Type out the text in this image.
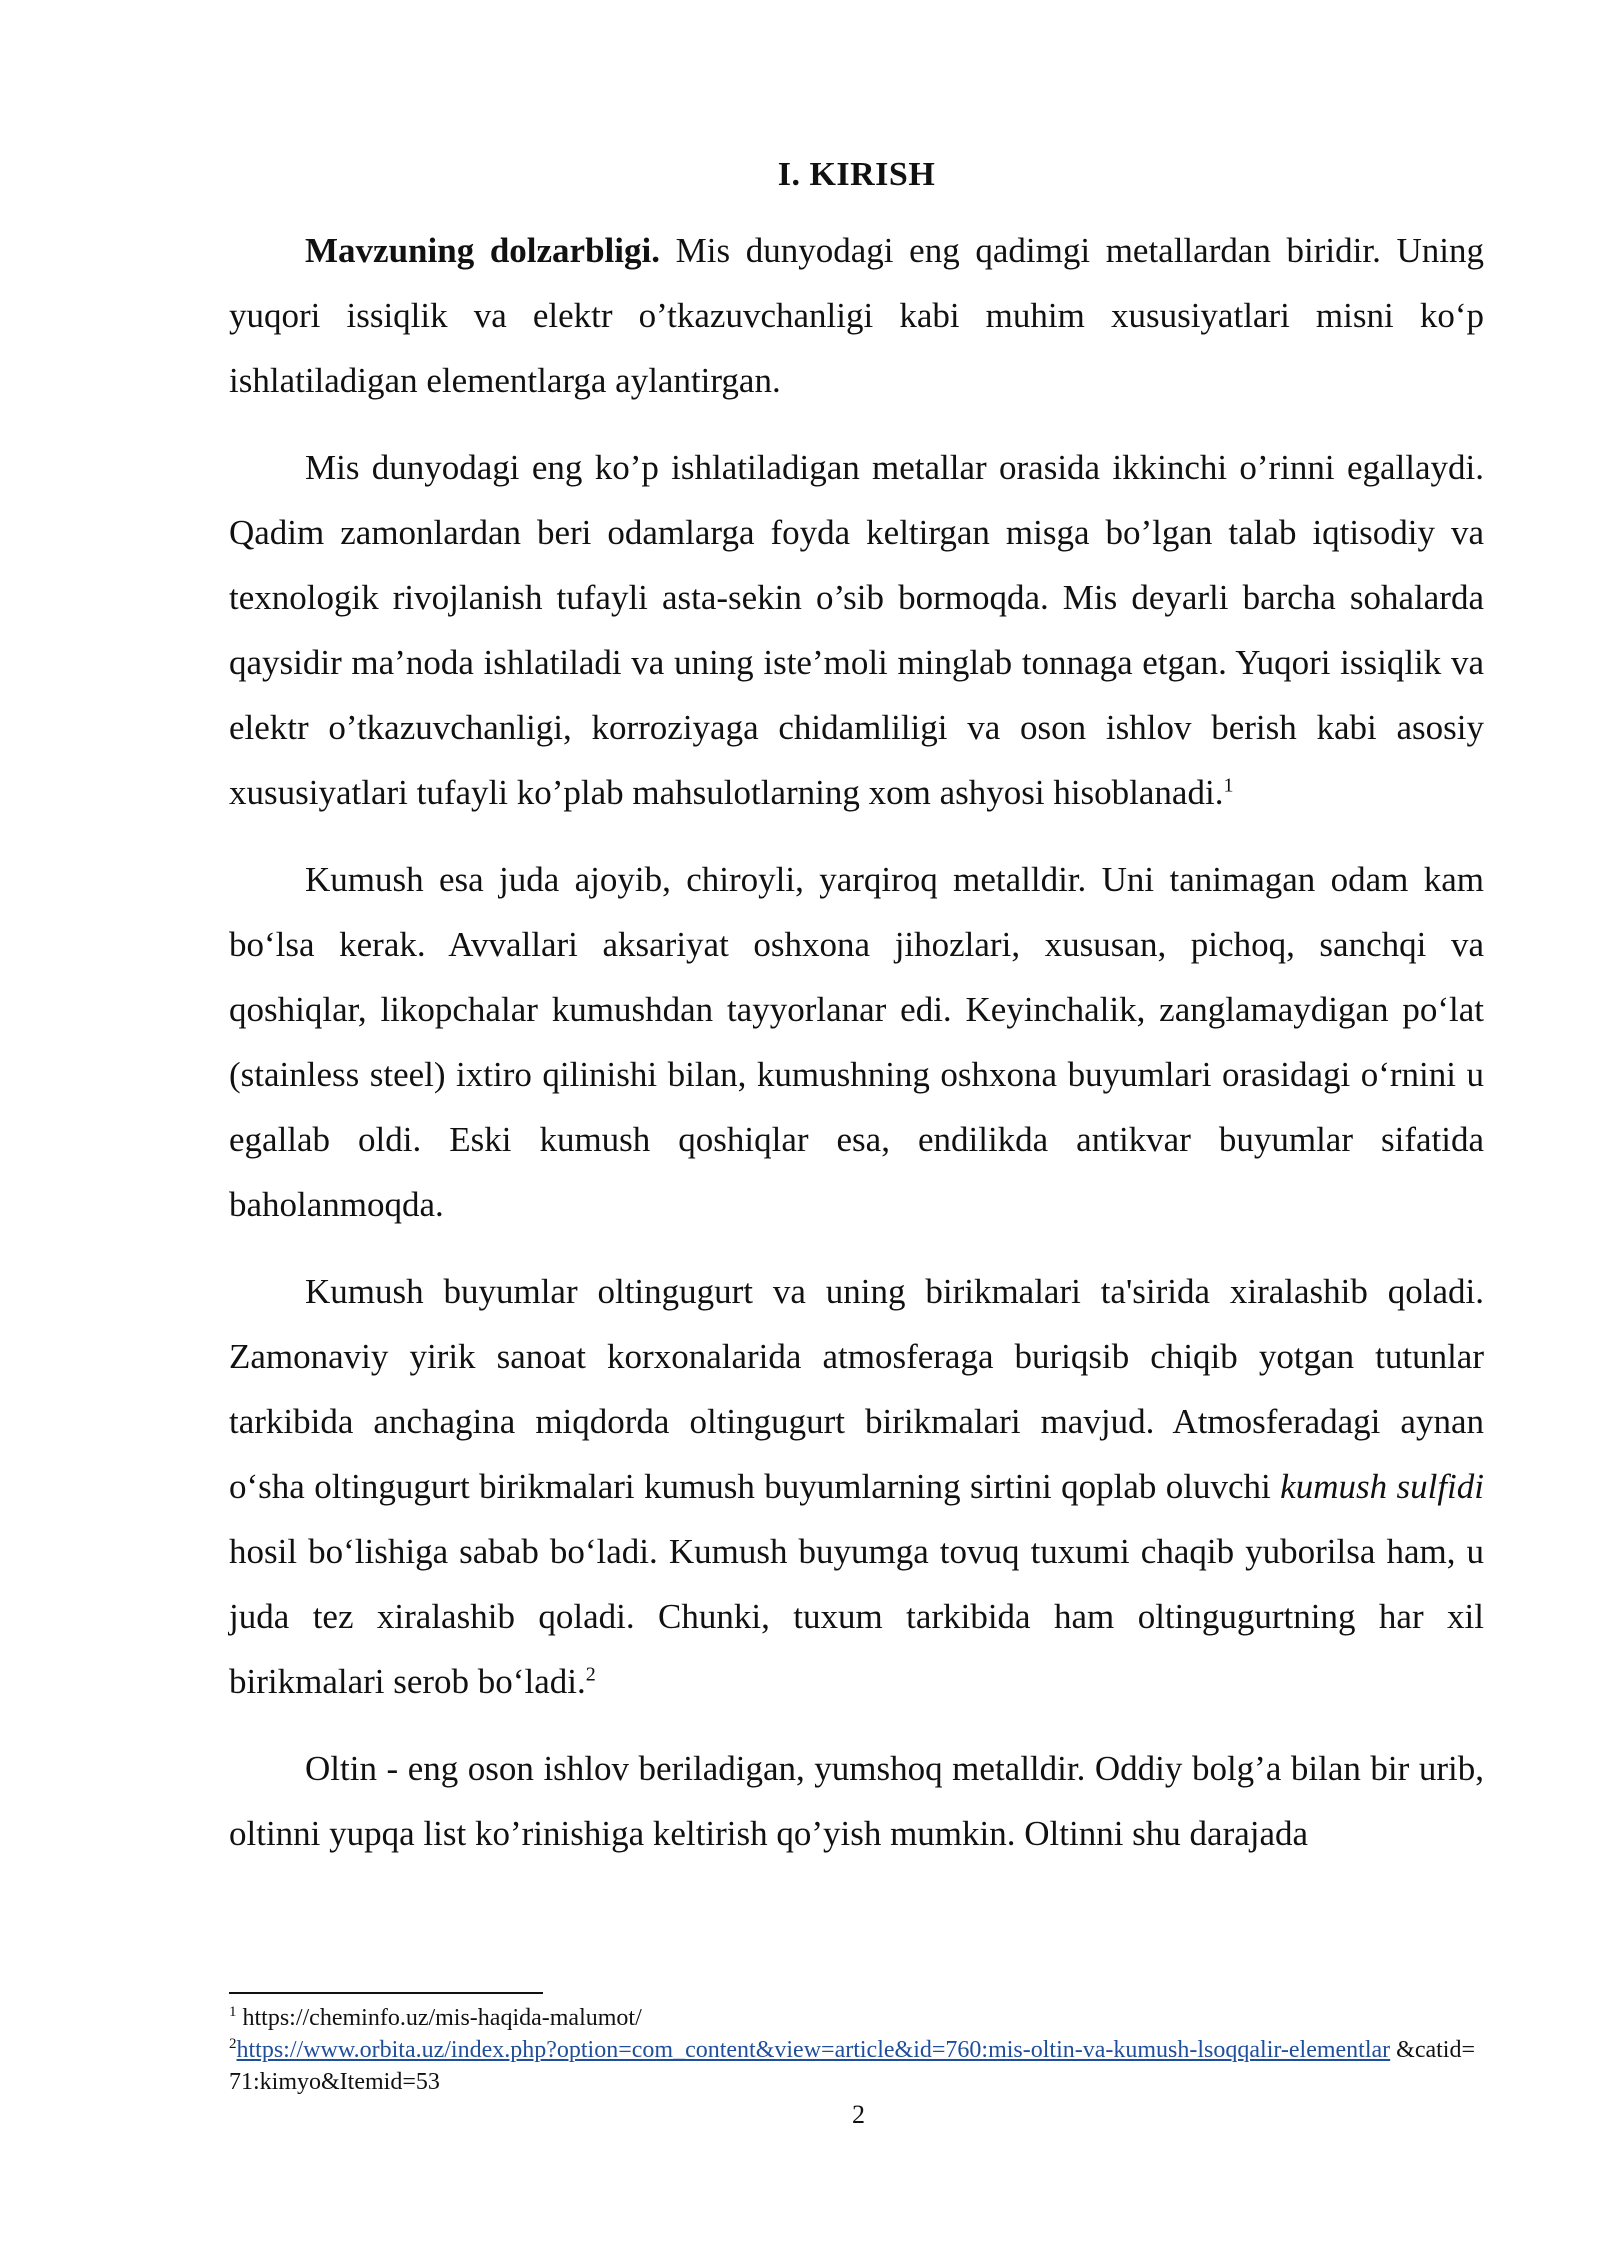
I. KIRISH

Mavzuning dolzarbligi. Mis dunyodagi eng qadimgi metallardan biridir. Uning yuqori issiqlik va elektr o’tkazuvchanligi kabi muhim xususiyatlari misni koʻp ishlatiladigan elementlarga aylantirgan.

Mis dunyodagi eng ko’p ishlatiladigan metallar orasida ikkinchi o’rinni egallaydi. Qadim zamonlardan beri odamlarga foyda keltirgan misga bo’lgan talab iqtisodiy va texnologik rivojlanish tufayli asta-sekin o’sib bormoqda. Mis deyarli barcha sohalarda qaysidir ma’noda ishlatiladi va uning iste’moli minglab tonnaga etgan. Yuqori issiqlik va elektr o’tkazuvchanligi, korroziyaga chidamliligi va oson ishlov berish kabi asosiy xususiyatlari tufayli ko’plab mahsulotlarning xom ashyosi hisoblanadi.$^1$

Kumush esa juda ajoyib, chiroyli, yarqiroq metalldir. Uni tanimagan odam kam boʻlsa kerak. Avvallari aksariyat oshxona jihozlari, xususan, pichoq, sanchqi va qoshiqlar, likopchalar kumushdan tayyorlanar edi. Keyinchalik, zanglamaydigan poʻlat (stainless steel) ixtiro qilinishi bilan, kumushning oshxona buyumlari orasidagi oʻrnini u egallab oldi. Eski kumush qoshiqlar esa, endilikda antikvar buyumlar sifatida baholanmoqda.

Kumush buyumlar oltingugurt va uning birikmalari ta'sirida xiralashib qoladi. Zamonaviy yirik sanoat korxonalarida atmosferaga buriqsib chiqib yotgan tutunlar tarkibida anchagina miqdorda oltingugurt birikmalari mavjud. Atmosferadagi aynan oʻsha oltingugurt birikmalari kumush buyumlarning sirtini qoplab oluvchi kumush sulfidi hosil boʻlishiga sabab boʻladi. Kumush buyumga tovuq tuxumi chaqib yuborilsa ham, u juda tez xiralashib qoladi. Chunki, tuxum tarkibida ham oltingugurtning har xil birikmalari serob boʻladi.$^2$

Oltin - eng oson ishlov beriladigan, yumshoq metalldir. Oddiy bolg’a bilan bir urib, oltinni yupqa list ko’rinishiga keltirish qo’yish mumkin. Oltinni shu darajada

$^1$ https://cheminfo.uz/mis-haqida-malumot/
$^2$https://www.orbita.uz/index.php?option=com_content&view=article&id=760:mis-oltin-va-kumush-lsoqqalir-elementlar &catid= 71:kimyo&Itemid=53
2
